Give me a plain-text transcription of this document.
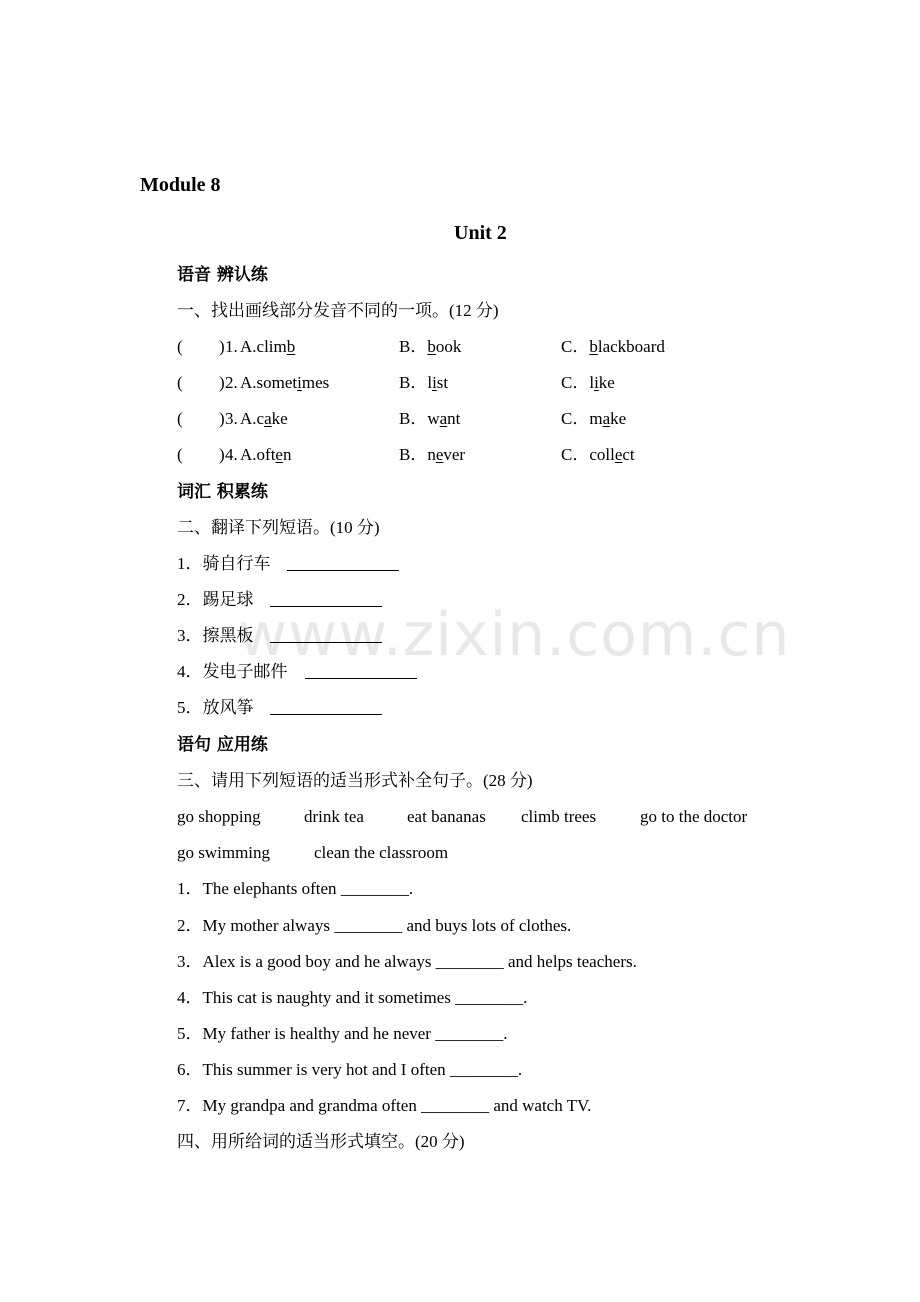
www.zixin.com.cn
Module 8
Unit 2
语音 辨认练
一、找出画线部分发音不同的一项。(12 分)
( ) 1. A.climb	B．book	C．blackboard
( ) 2. A.sometimes	B．list	C．like
( ) 3. A.cake	B．want	C．make
( ) 4. A.often	B．never	C．collect
词汇 积累练
二、翻译下列短语。(10 分)
1．骑自行车
2．踢足球
3．擦黑板
4．发电子邮件
5．放风筝
语句 应用练
三、请用下列短语的适当形式补全句子。(28 分)
go shopping	drink tea	eat bananas climb trees	go to the doctor
go swimming	clean the classroom
1．The elephants often ________.
2．My mother always ________ and buys lots of clothes.
3．Alex is a good boy and he always ________ and helps teachers.
4．This cat is naughty and it sometimes ________.
5．My father is healthy and he never ________.
6．This summer is very hot and I often ________.
7．My grandpa and grandma often ________ and watch TV.
四、用所给词的适当形式填空。(20 分)
